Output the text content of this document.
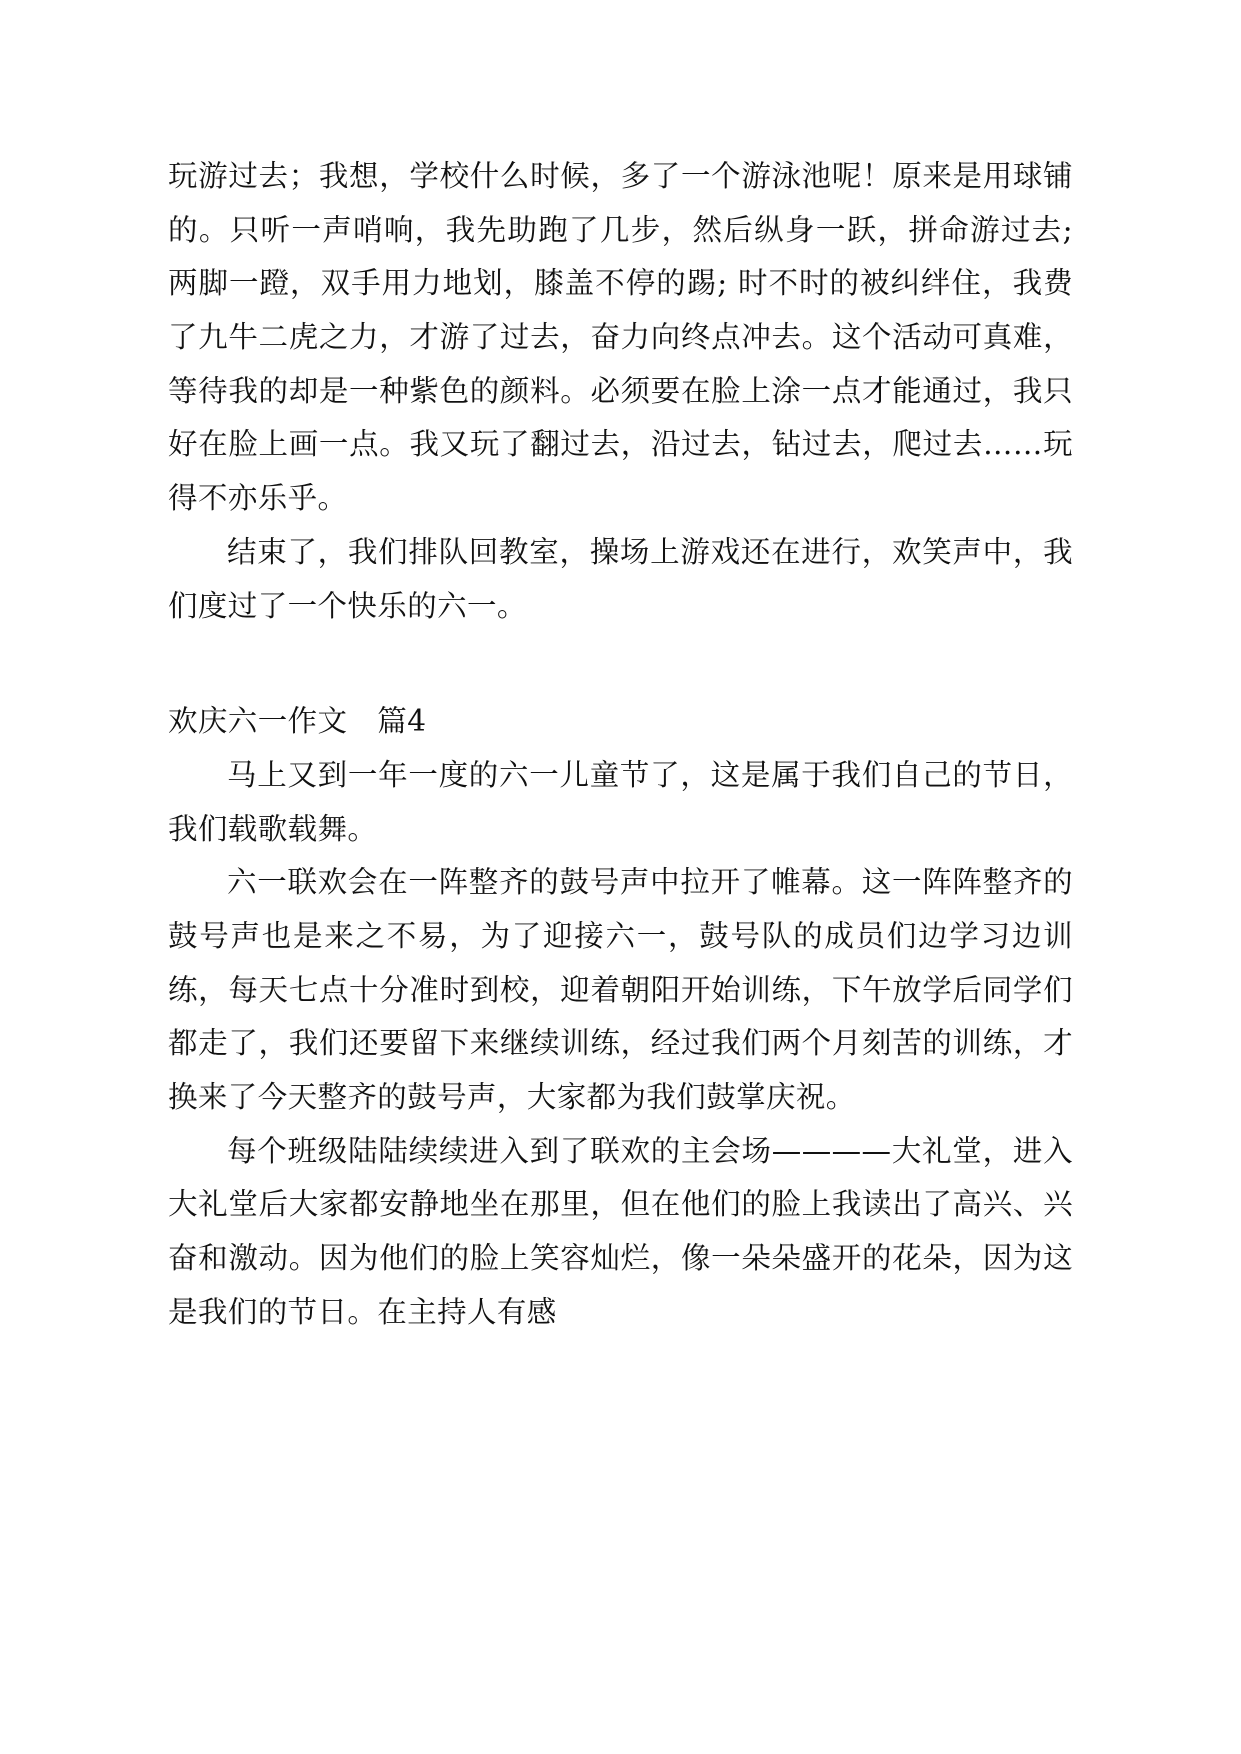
玩游过去；我想，学校什么时候，多了一个游泳池呢！原来是用球铺的。只听一声哨响，我先助跑了几步，然后纵身一跃，拼命游过去; 两脚一蹬，双手用力地划，膝盖不停的踢; 时不时的被纠绊住，我费了九牛二虎之力，才游了过去，奋力向终点冲去。这个活动可真难，等待我的却是一种紫色的颜料。必须要在脸上涂一点才能通过，我只好在脸上画一点。我又玩了翻过去，沿过去，钻过去，爬过去……玩得不亦乐乎。

结束了，我们排队回教室，操场上游戏还在进行，欢笑声中，我们度过了一个快乐的六一。

欢庆六一作文　篇4

马上又到一年一度的六一儿童节了，这是属于我们自己的节日，我们载歌载舞。

六一联欢会在一阵整齐的鼓号声中拉开了帷幕。这一阵阵整齐的鼓号声也是来之不易，为了迎接六一，鼓号队的成员们边学习边训练，每天七点十分准时到校，迎着朝阳开始训练，下午放学后同学们都走了，我们还要留下来继续训练，经过我们两个月刻苦的训练，才换来了今天整齐的鼓号声，大家都为我们鼓掌庆祝。

每个班级陆陆续续进入到了联欢的主会场————大礼堂，进入大礼堂后大家都安静地坐在那里，但在他们的脸上我读出了高兴、兴奋和激动。因为他们的脸上笑容灿烂，像一朵朵盛开的花朵，因为这是我们的节日。在主持人有感
